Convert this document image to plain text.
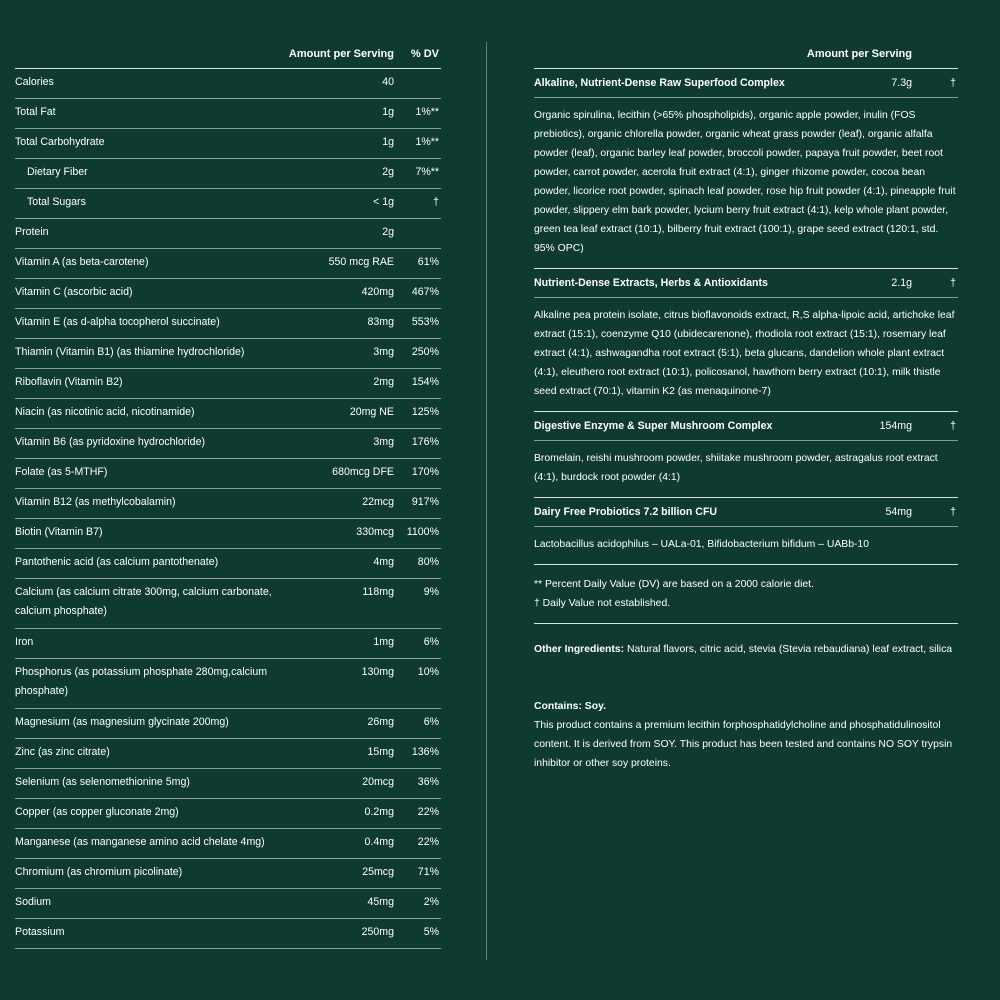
Amount per Serving % DV
Calories	40
Total Fat	1g 1%**
Total Carbohydrate	1g 1%**
Dietary Fiber	2g 7%**
Total Sugars	< 1g	†
Protein	2g
Vitamin A (as beta-carotene)	550 mcg RAE 61%
Vitamin C (ascorbic acid)	420mg 467%
Vitamin E (as d-alpha tocopherol succinate)	83mg 553%
Thiamin (Vitamin B1) (as thiamine hydrochloride)	3mg 250%
Riboflavin (Vitamin B2)	2mg 154%
Niacin (as nicotinic acid, nicotinamide)	20mg NE 125%
Vitamin B6 (as pyridoxine hydrochloride)	3mg 176%
Folate (as 5-MTHF)	680mcg DFE 170%
Vitamin B12 (as methylcobalamin)	22mcg 917%
Biotin (Vitamin B7)	330mcg 1100%
Pantothenic acid (as calcium pantothenate)	4mg 80%
Calcium (as calcium citrate 300mg, calcium carbonate, calcium phosphate)
118mg	9%
Iron	1mg	6%
Phosphorus (as potassium phosphate 280mg,calcium phosphate)
130mg 10%
Magnesium (as magnesium glycinate 200mg)	26mg	6%
Zinc (as zinc citrate)	15mg 136%
Selenium (as selenomethionine 5mg)	20mcg 36%
Copper (as copper gluconate 2mg)	0.2mg 22%
Manganese (as manganese amino acid chelate 4mg)	0.4mg 22%
Chromium (as chromium picolinate)	25mcg 71%
Sodium	45mg	2%
Potassium	250mg	5%
Amount per Serving
Alkaline, Nutrient-Dense Raw Superfood Complex	7.3g	†
Organic spirulina, lecithin (>65% phospholipids), organic apple powder, inulin (FOS prebiotics), organic chlorella powder, organic wheat grass powder (leaf), organic alfalfa powder (leaf), organic barley leaf powder, broccoli powder, papaya fruit powder, beet root powder, carrot powder, acerola fruit extract (4:1), ginger rhizome powder, cocoa bean powder, licorice root powder, spinach leaf powder, rose hip fruit powder (4:1), pineapple fruit powder, slippery elm bark powder, lycium berry fruit extract (4:1), kelp whole plant powder, green tea leaf extract (10:1), bilberry fruit extract (100:1), grape seed extract (120:1, std. 95% OPC)
Nutrient-Dense Extracts, Herbs & Antioxidants	2.1g	†
Alkaline pea protein isolate, citrus bioflavonoids extract, R,S alpha-lipoic acid, artichoke leaf extract (15:1), coenzyme Q10 (ubidecarenone), rhodiola root extract (15:1), rosemary leaf extract (4:1), ashwagandha root extract (5:1), beta glucans, dandelion whole plant extract (4:1), eleuthero root extract (10:1), policosanol, hawthorn berry extract (10:1), milk thistle seed extract (70:1), vitamin K2 (as menaquinone-7)
Digestive Enzyme & Super Mushroom Complex	154mg	†
Bromelain, reishi mushroom powder, shiitake mushroom powder, astragalus root extract (4:1), burdock root powder (4:1)
Dairy Free Probiotics 7.2 billion CFU	54mg	†
Lactobacillus acidophilus – UALa-01, Bifidobacterium bifidum – UABb-10
** Percent Daily Value (DV) are based on a 2000 calorie diet.
† Daily Value not established.
Other Ingredients: Natural flavors, citric acid, stevia (Stevia rebaudiana) leaf extract, silica
Contains: Soy.
This product contains a premium lecithin forphosphatidylcholine and phosphatidulinositol content. It is derived from SOY. This product has been tested and contains NO SOY trypsin inhibitor or other soy proteins.
